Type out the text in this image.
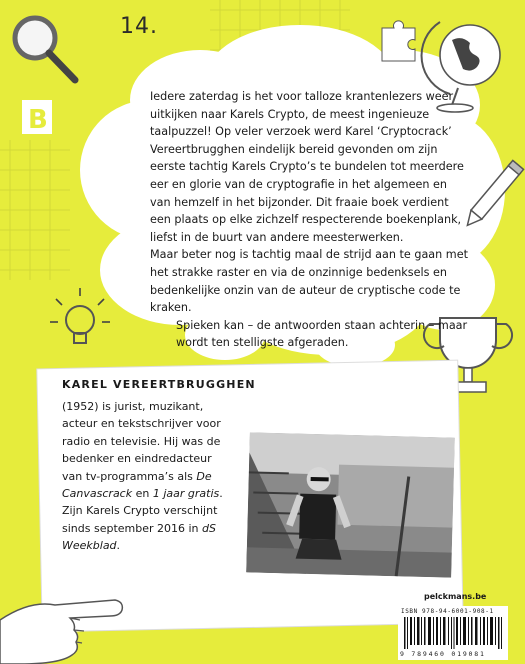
B
14.

Iedere zaterdag is het voor talloze krantenlezers weer uitkijken naar Karels Crypto, de meest ingenieuze taalpuzzel! Op veler verzoek werd Karel ‘Cryptocrack’ Vereertbrugghen eindelijk bereid gevonden om zijn eerste tachtig Karels Crypto’s te bundelen tot meerdere eer en glorie van de cryptografie in het algemeen en van hemzelf in het bijzonder. Dit fraaie boek verdient een plaats op elke zichzelf respecterende boekenplank, liefst in de buurt van andere meesterwerken.

Maar beter nog is tachtig maal de strijd aan te gaan met het strakke raster en via de onzinnige bedenksels en bedenkelijke onzin van de auteur de cryptische code te kraken.

Spieken kan – de antwoorden staan achterin – maar wordt ten stelligste afgeraden.

KAREL VEREERTBRUGGHEN
(1952) is jurist, muzikant, acteur en tekstschrijver voor radio en televisie. Hij was de bedenker en eindredacteur van tv-programma’s als De Canvascrack en 1 jaar gratis. Zijn Karels Crypto verschijnt sinds september 2016 in dS Weekblad.
pelckmans.be
ISBN 978-94-6001-908-1
9 789460 019081
